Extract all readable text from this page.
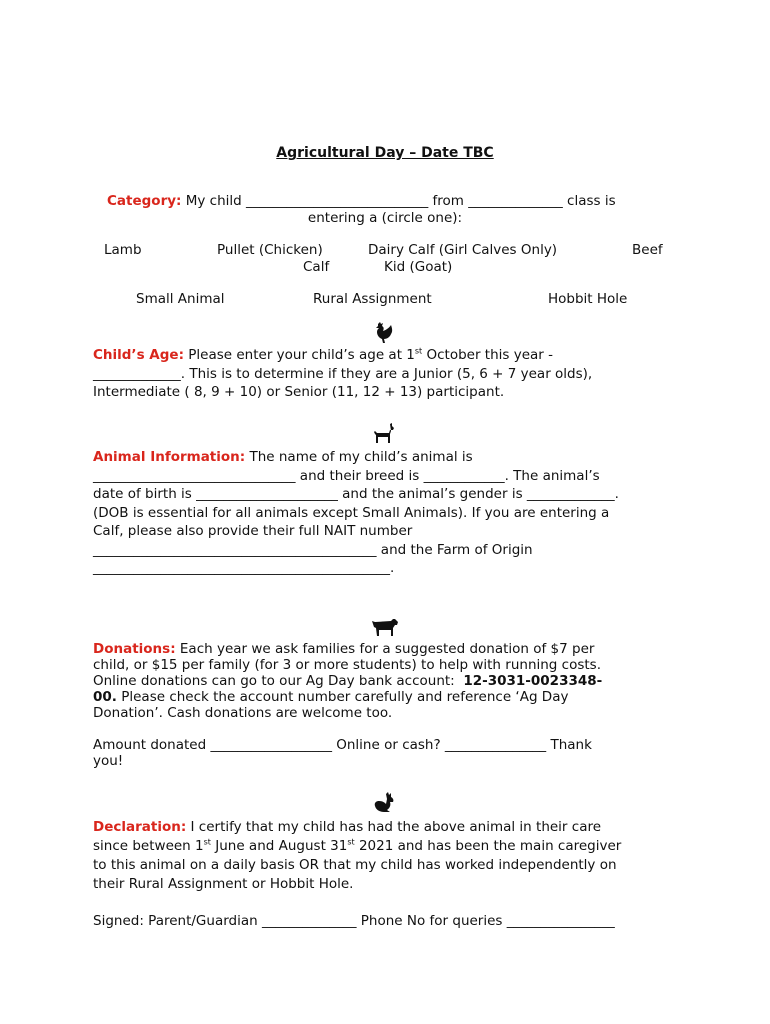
Agricultural Day – Date TBC
Category: My child ___________________________ from ______________ class is
entering a (circle one):
Lamb	Pullet (Chicken)	Dairy Calf (Girl Calves Only)	Beef
Calf	Kid (Goat)
Small Animal	Rural Assignment	Hobbit Hole
Child’s Age: Please enter your child’s age at 1st October this year -
_____________. This is to determine if they are a Junior (5, 6 + 7 year olds),
Intermediate ( 8, 9 + 10) or Senior (11, 12 + 13) participant.
Animal Information: The name of my child’s animal is
______________________________ and their breed is ____________. The animal’s
date of birth is _____________________ and the animal’s gender is _____________.
(DOB is essential for all animals except Small Animals). If you are entering a
Calf, please also provide their full NAIT number
__________________________________________ and the Farm of Origin
____________________________________________.
Donations: Each year we ask families for a suggested donation of $7 per
child, or $15 per family (for 3 or more students) to help with running costs.
Online donations can go to our Ag Day bank account: 12-3031-0023348-
00. Please check the account number carefully and reference ‘Ag Day
Donation’. Cash donations are welcome too.
Amount donated __________________ Online or cash? _______________ Thank
you!
Declaration: I certify that my child has had the above animal in their care
since between 1st June and August 31st 2021 and has been the main caregiver
to this animal on a daily basis OR that my child has worked independently on
their Rural Assignment or Hobbit Hole.
Signed: Parent/Guardian ______________ Phone No for queries ________________
